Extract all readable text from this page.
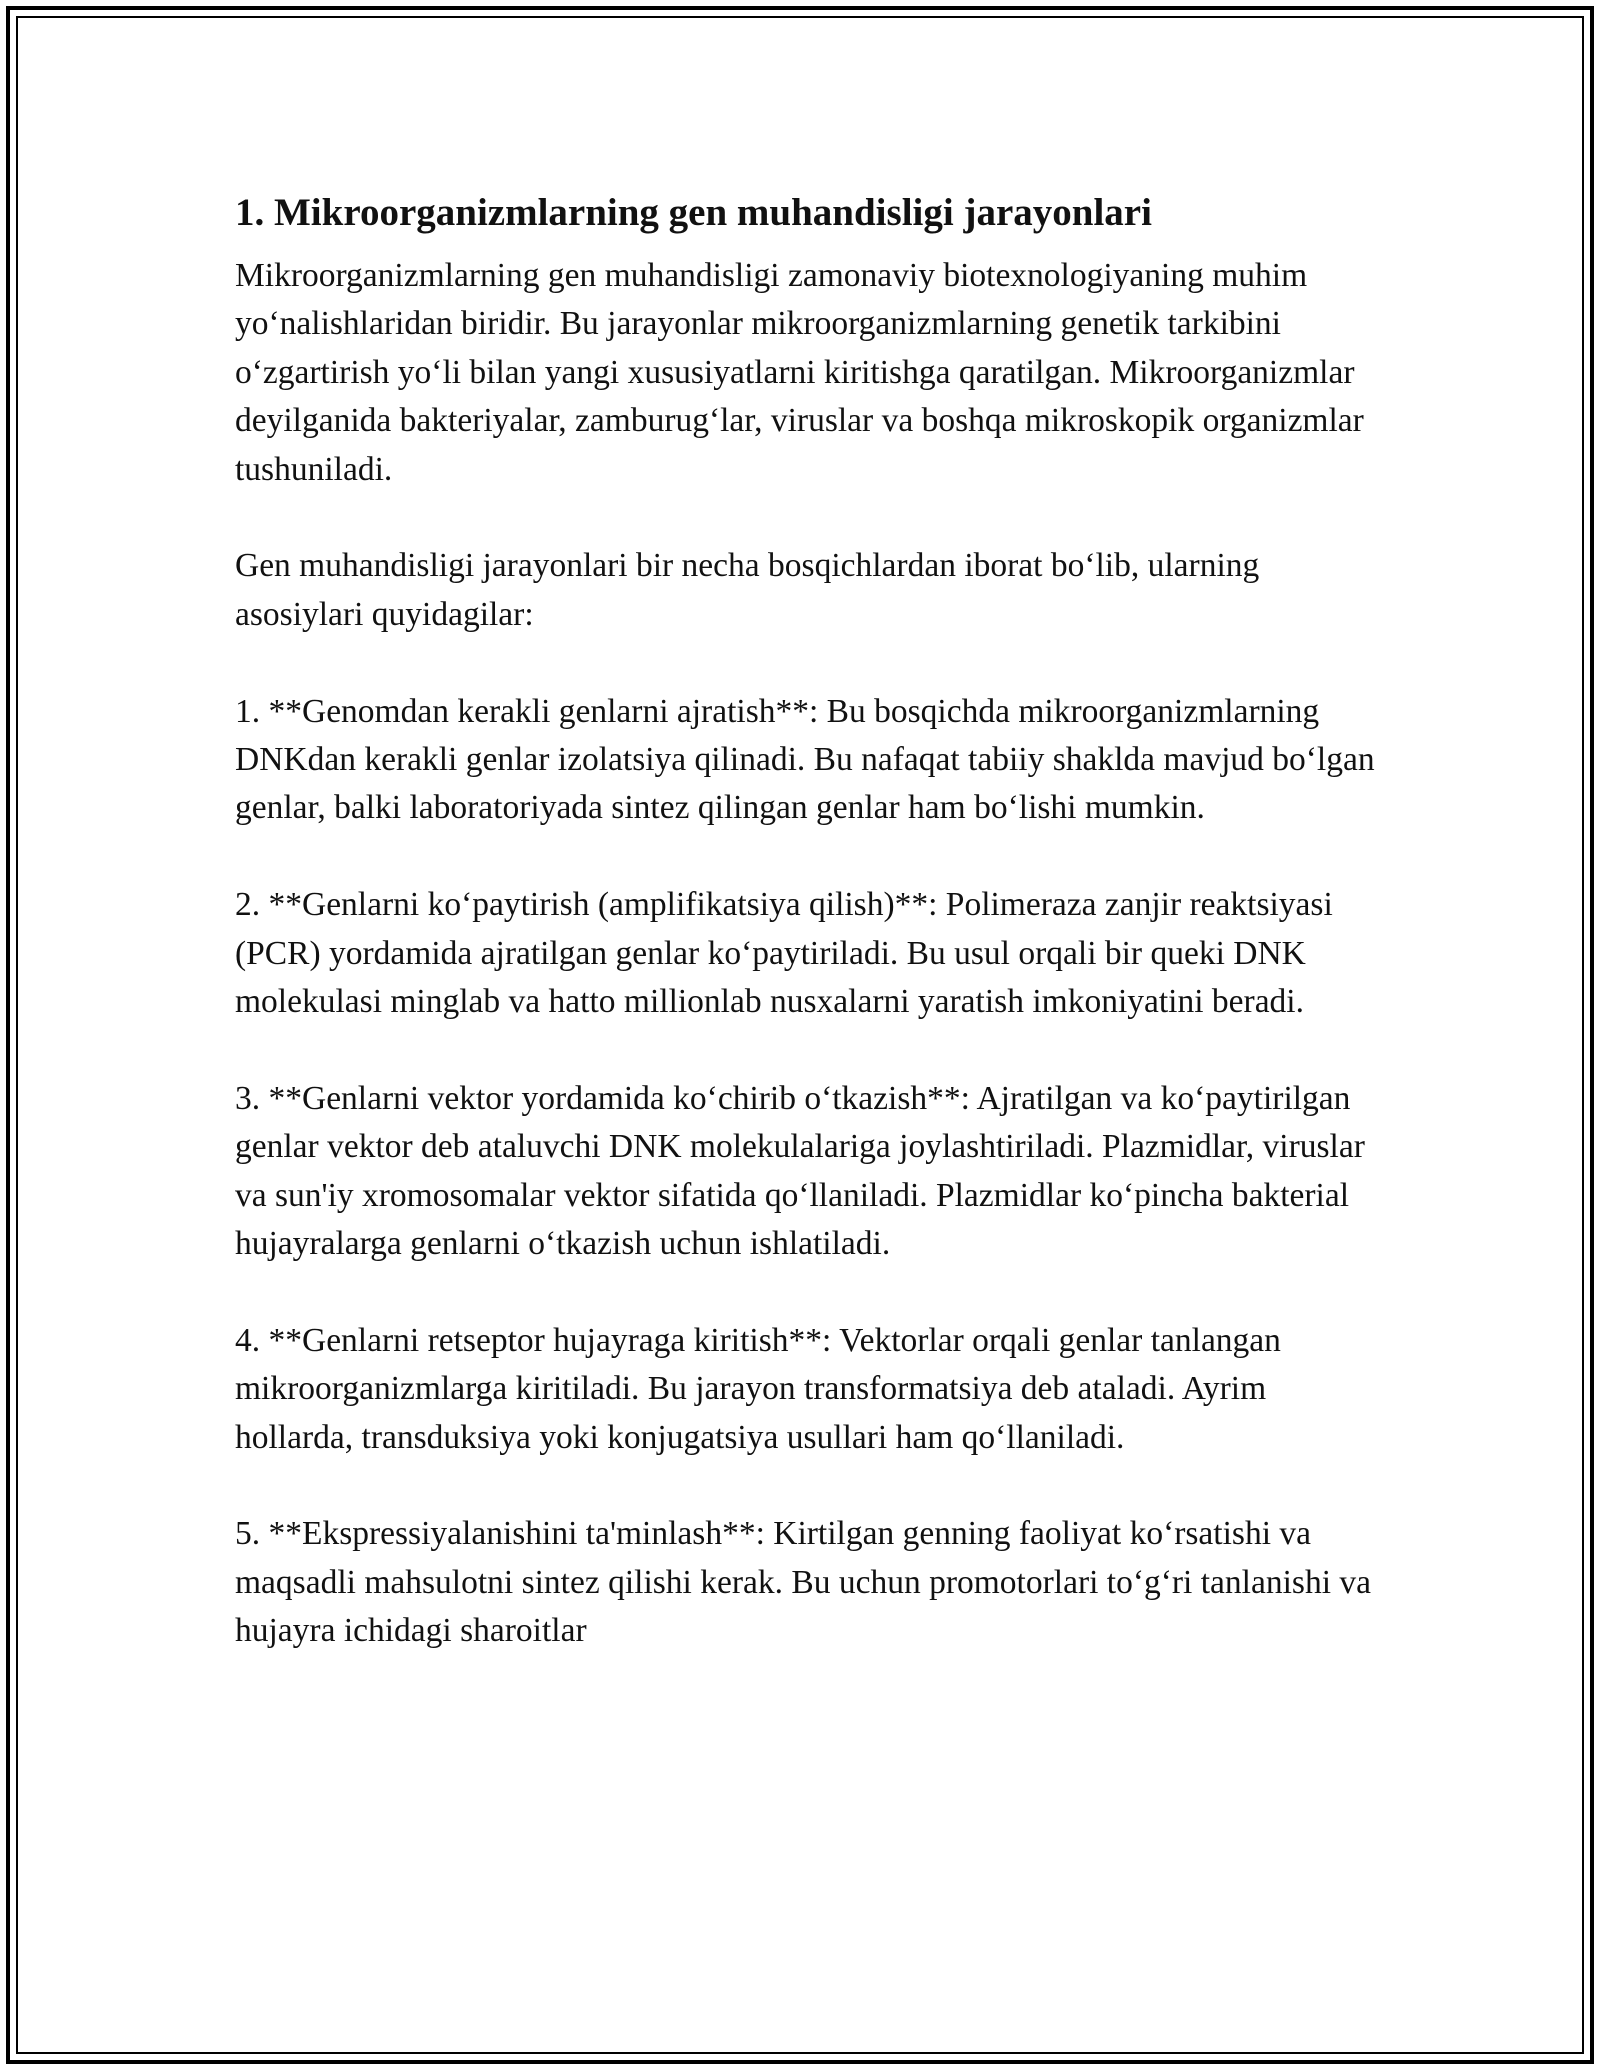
1. Mikroorganizmlarning gen muhandisligi jarayonlari

Mikroorganizmlarning gen muhandisligi zamonaviy biotexnologiyaning muhim yoʻnalishlaridan biridir. Bu jarayonlar mikroorganizmlarning genetik tarkibini oʻzgartirish yoʻli bilan yangi xususiyatlarni kiritishga qaratilgan. Mikroorganizmlar deyilganida bakteriyalar, zamburugʻlar, viruslar va boshqa mikroskopik organizmlar tushuniladi.

Gen muhandisligi jarayonlari bir necha bosqichlardan iborat boʻlib, ularning asosiylari quyidagilar:

1. **Genomdan kerakli genlarni ajratish**: Bu bosqichda mikroorganizmlarning DNKdan kerakli genlar izolatsiya qilinadi. Bu nafaqat tabiiy shaklda mavjud boʻlgan genlar, balki laboratoriyada sintez qilingan genlar ham boʻlishi mumkin.

2. **Genlarni koʻpaytirish (amplifikatsiya qilish)**: Polimeraza zanjir reaktsiyasi (PCR) yordamida ajratilgan genlar koʻpaytiriladi. Bu usul orqali bir queki DNK molekulasi minglab va hatto millionlab nusxalarni yaratish imkoniyatini beradi.

3. **Genlarni vektor yordamida koʻchirib oʻtkazish**: Ajratilgan va koʻpaytirilgan genlar vektor deb ataluvchi DNK molekulalariga joylashtiriladi. Plazmidlar, viruslar va sun'iy xromosomalar vektor sifatida qoʻllaniladi. Plazmidlar koʻpincha bakterial hujayralarga genlarni oʻtkazish uchun ishlatiladi.

4. **Genlarni retseptor hujayraga kiritish**: Vektorlar orqali genlar tanlangan mikroorganizmlarga kiritiladi. Bu jarayon transformatsiya deb ataladi. Ayrim hollarda, transduksiya yoki konjugatsiya usullari ham qoʻllaniladi.

5. **Ekspressiyalanishini ta'minlash**: Kirtilgan genning faoliyat koʻrsatishi va maqsadli mahsulotni sintez qilishi kerak. Bu uchun promotorlari toʻgʻri tanlanishi va hujayra ichidagi sharoitlar
